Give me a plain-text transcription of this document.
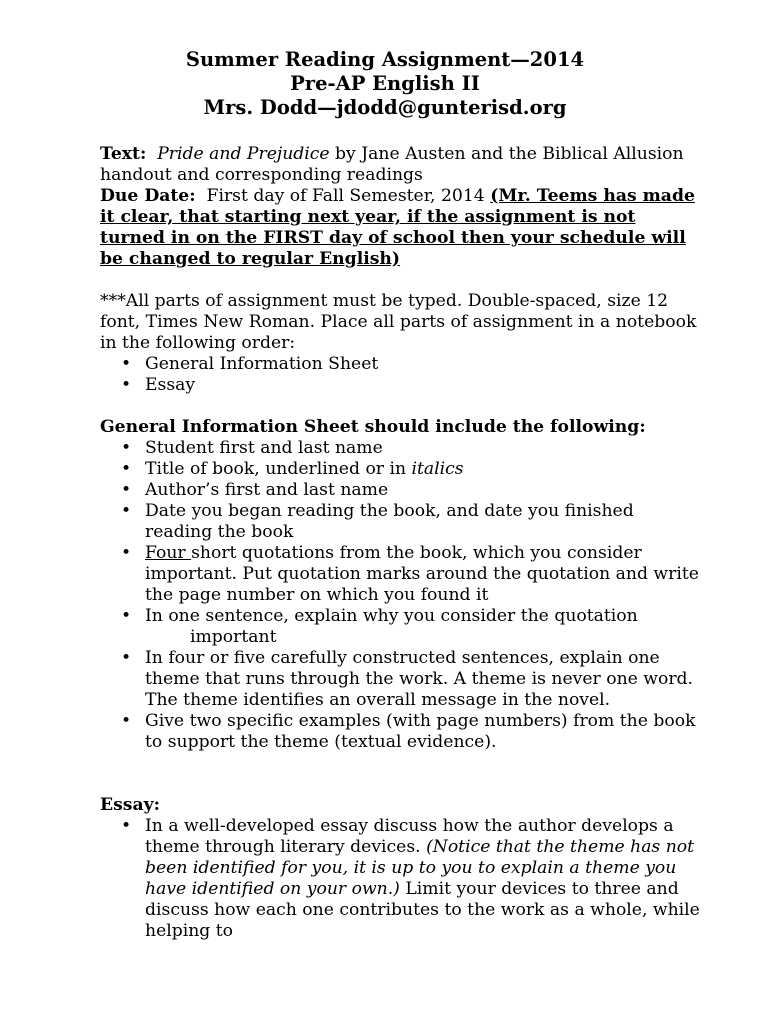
Summer Reading Assignment—2014
Pre-AP English II
Mrs. Dodd—jdodd@gunterisd.org

Text: Pride and Prejudice by Jane Austen and the Biblical Allusion handout and corresponding readings

Due Date:  First day of Fall Semester, 2014 (Mr. Teems has made it clear, that starting next year, if the assignment is not turned in on the FIRST day of school then your schedule will be changed to regular English)

***All parts of assignment must be typed. Double-spaced, size 12 font, Times New Roman. Place all parts of assignment in a notebook in the following order:

• General Information Sheet
• Essay

General Information Sheet should include the following:

• Student first and last name
• Title of book, underlined or in italics
• Author’s first and last name
• Date you began reading the book, and date you finished reading the book
• Four short quotations from the book, which you consider important. Put quotation marks around the quotation and write the page number on which you found it
• In one sentence, explain why you consider the quotation
important
• In four or five carefully constructed sentences, explain one theme that runs through the work. A theme is never one word. The theme identifies an overall message in the novel.
• Give two specific examples (with page numbers) from the book to support the theme (textual evidence).

Essay:

• In a well-developed essay discuss how the author develops a theme through literary devices. (Notice that the theme has not been identified for you, it is up to you to explain a theme you have identified on your own.) Limit your devices to three and discuss how each one contributes to the work as a whole, while helping to
